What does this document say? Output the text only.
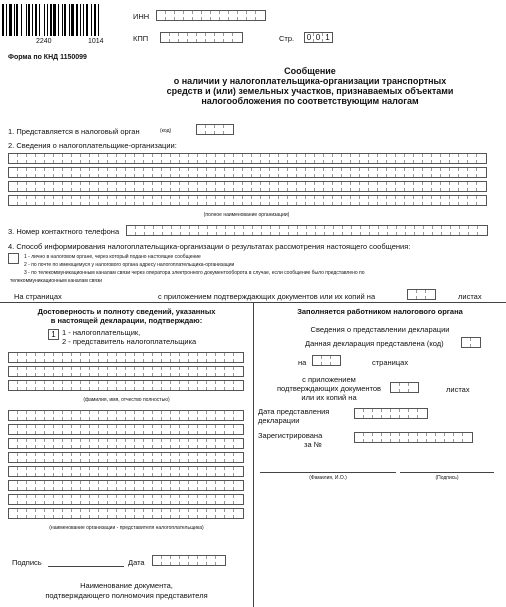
2240	1014
ИНН
КПП	Стр. 0 0 1
Форма по КНД 1150099
Сообщение
о наличии у налогоплательщика-организации транспортных
средств и (или) земельных участков, признаваемых объектами
налогообложения по соответствующим налогам
1. Представляется в налоговый орган	(код)
2. Сведения о налогоплательщике-организации:
(полное наименование организации)
3. Номер контактного телефона
4. Способ информирования налогоплательщика-организации о результатах рассмотрения настоящего сообщения:
1 - лично в налоговом органе, через который подано настоящее сообщение
2 - по почте по имеющемуся у налогового органа адресу налогоплательщика-организации
3 - по телекоммуникационным каналам связи через оператора электронного документооборота в случае, если сообщение было представлено по
телекоммуникационным каналам связи
На страницах	с приложением подтверждающих документов или их копий на	листах
Достоверность и полноту сведений, указанных
в настоящей декларации, подтверждаю:
1 1 - налогоплательщик,
2 - представитель налогоплательщика
(фамилия, имя, отчество полностью)
(наименование организации - представителя налогоплательщика)
Подпись	Дата
Наименование документа,
подтверждающего полномочия представителя
Заполняется работником налогового органа
Сведения о представлении декларации
Данная декларация представлена (код)
на	страницах
с приложением
подтверждающих документов
или их копий на
листах
Дата представления
декларации
Зарегистрирована
за №
(Фамилия, И.О.)	(Подпись)
